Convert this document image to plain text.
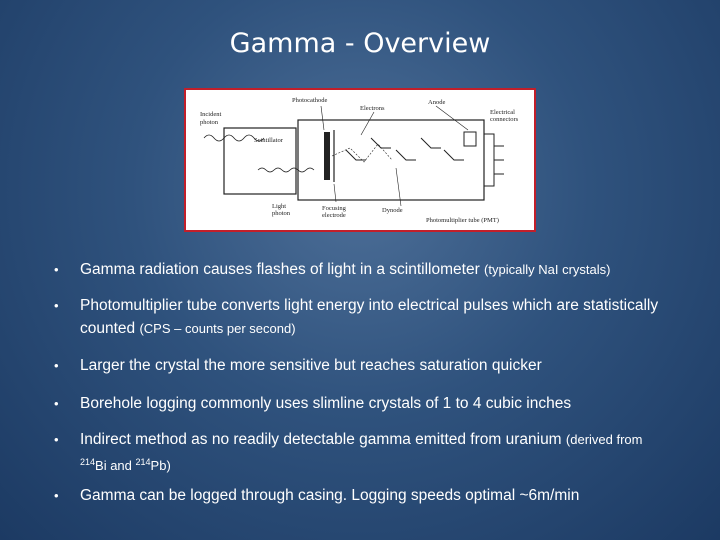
Gamma - Overview
Incident
photon
Scintillator
Photocathode
Electrons
Anode
Electrical
connectors
Light
photon
Focusing
electrode
Dynode
Photomultiplier tube (PMT)
• Gamma radiation causes flashes of light in a scintillometer (typically NaI crystals)
• Photomultiplier tube converts light energy into electrical pulses which are statistically counted (CPS – counts per second)
• Larger the crystal the more sensitive but reaches saturation quicker
• Borehole logging commonly uses slimline crystals of 1 to 4 cubic inches
• Indirect method as no readily detectable gamma emitted from uranium (derived from
$^{214}$Bi and $^{214}$Pb)
• Gamma can be logged through casing. Logging speeds optimal ~6m/min
